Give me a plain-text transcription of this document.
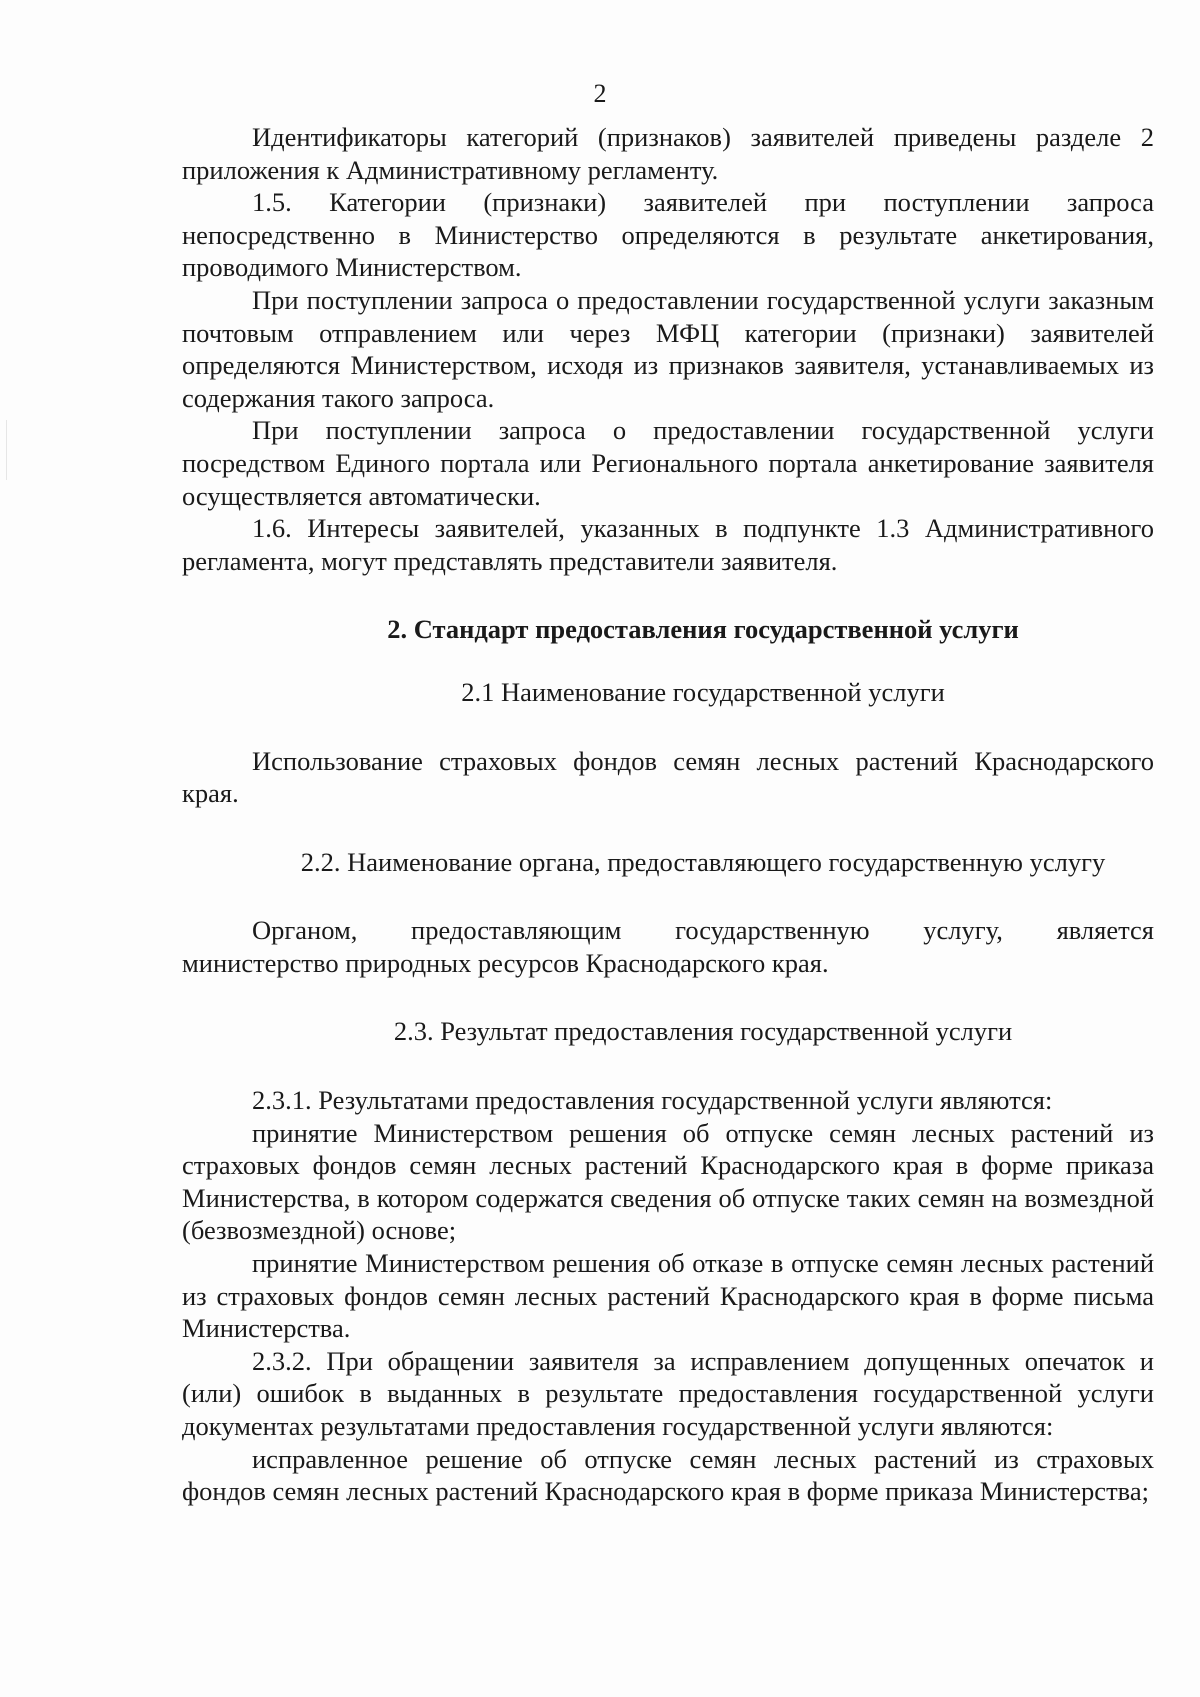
2

Идентификаторы категорий (признаков) заявителей приведены разделе 2 приложения к Административному регламенту.

1.5. Категории (признаки) заявителей при поступлении запроса непосредственно в Министерство определяются в результате анкетирования, проводимого Министерством.

При поступлении запроса о предоставлении государственной услуги заказным почтовым отправлением или через МФЦ категории (признаки) заявителей определяются Министерством, исходя из признаков заявителя, устанавливаемых из содержания такого запроса.

При поступлении запроса о предоставлении государственной услуги посредством Единого портала или Регионального портала анкетирование заявителя осуществляется автоматически.

1.6. Интересы заявителей, указанных в подпункте 1.3 Административного регламента, могут представлять представители заявителя.

2. Стандарт предоставления государственной услуги
2.1 Наименование государственной услуги

Использование страховых фондов семян лесных растений Краснодарского края.

2.2. Наименование органа, предоставляющего государственную услугу
Органом, предоставляющим государственную услугу, является

министерство природных ресурсов Краснодарского края.

2.3. Результат предоставления государственной услуги

2.3.1. Результатами предоставления государственной услуги являются:

принятие Министерством решения об отпуске семян лесных растений из страховых фондов семян лесных растений Краснодарского края в форме приказа Министерства, в котором содержатся сведения об отпуске таких семян на возмездной (безвозмездной) основе;

принятие Министерством решения об отказе в отпуске семян лесных растений из страховых фондов семян лесных растений Краснодарского края в форме письма Министерства.

2.3.2. При обращении заявителя за исправлением допущенных опечаток и (или) ошибок в выданных в результате предоставления государственной услуги документах результатами предоставления государственной услуги являются:

исправленное решение об отпуске семян лесных растений из страховых фондов семян лесных растений Краснодарского края в форме приказа Министерства;
